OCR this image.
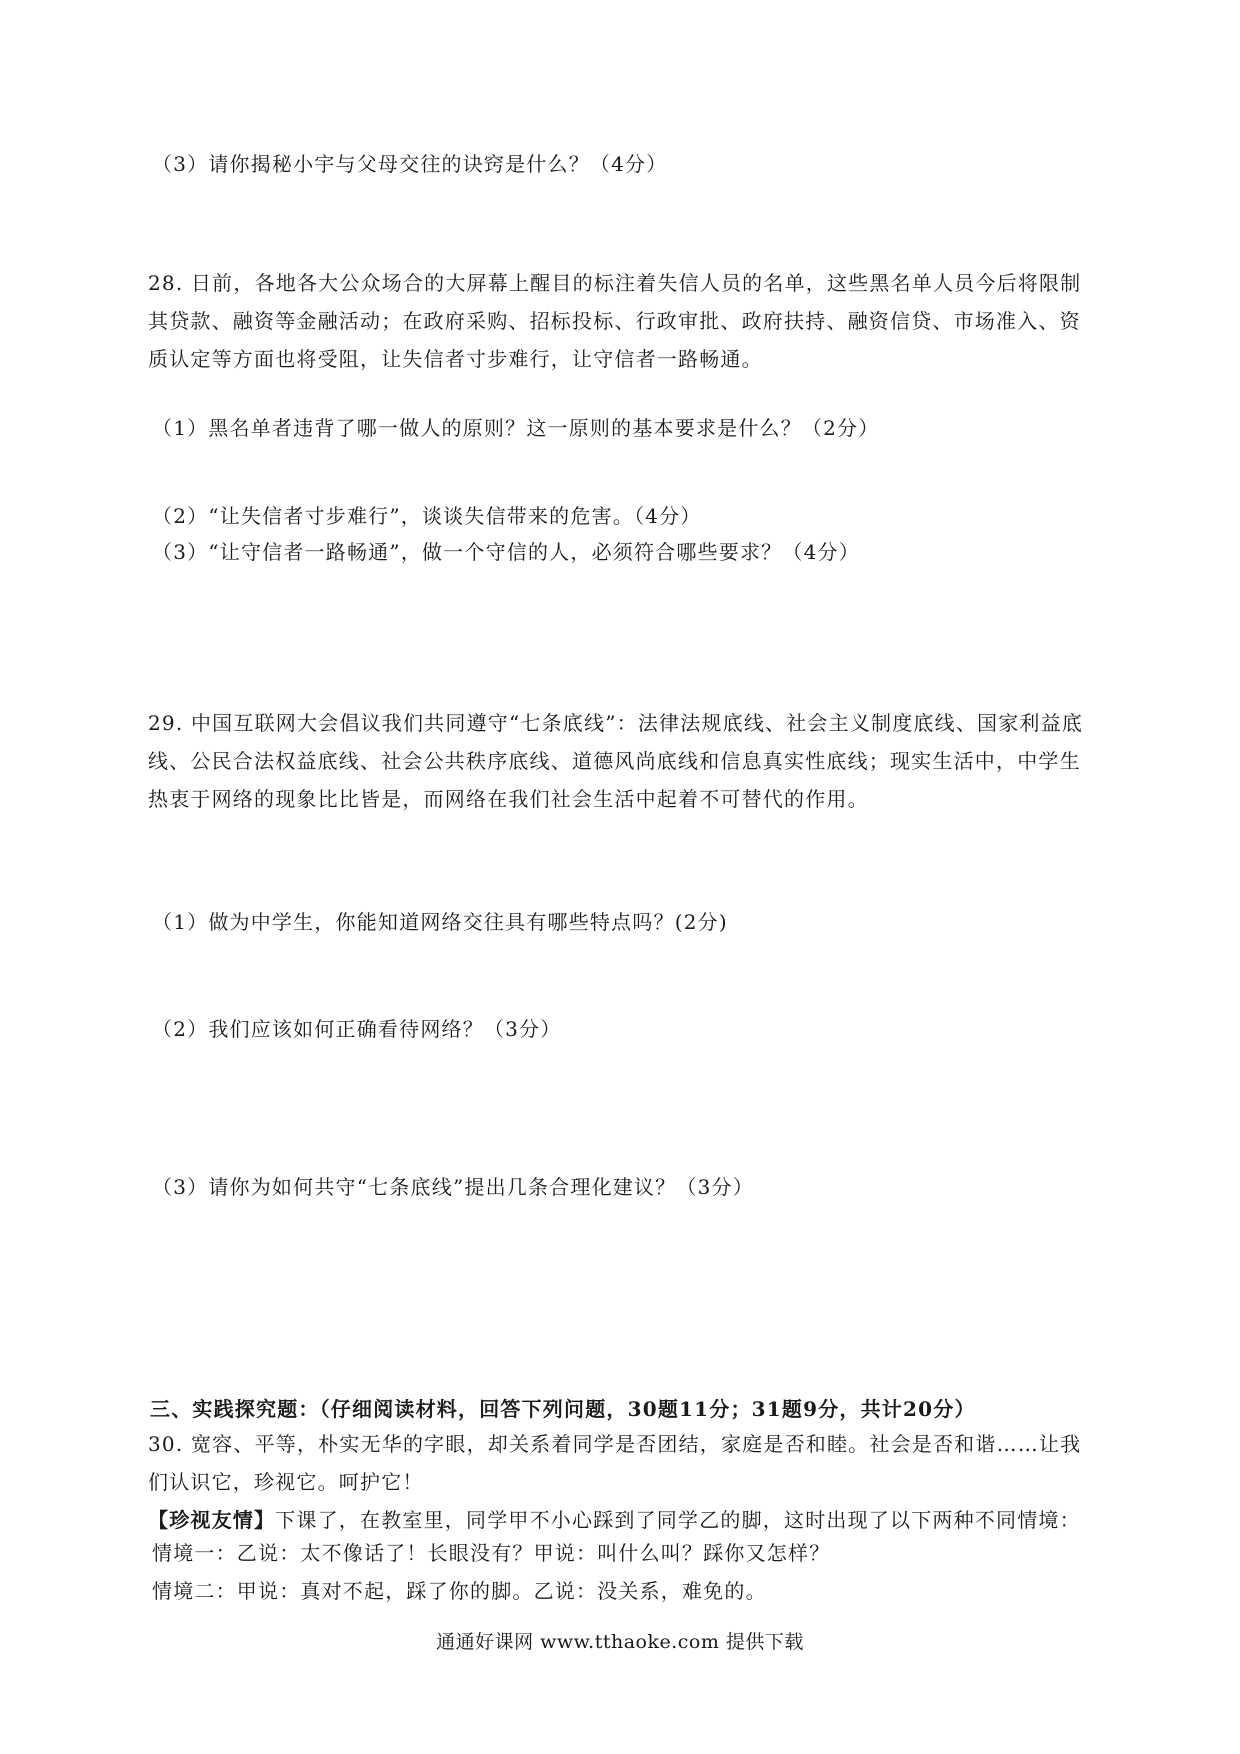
（3）请你揭秘小宇与父母交往的诀窍是什么？（4分）

28. 日前，各地各大公众场合的大屏幕上醒目的标注着失信人员的名单，这些黑名单人员今后将限制其贷款、融资等金融活动；在政府采购、招标投标、行政审批、政府扶持、融资信贷、市场准入、资质认定等方面也将受阻，让失信者寸步难行，让守信者一路畅通。

（1）黑名单者违背了哪一做人的原则？这一原则的基本要求是什么？（2分）

（2）“让失信者寸步难行”，谈谈失信带来的危害。（4分）

（3）“让守信者一路畅通”，做一个守信的人，必须符合哪些要求？（4分）

29. 中国互联网大会倡议我们共同遵守“七条底线”：法律法规底线、社会主义制度底线、国家利益底线、公民合法权益底线、社会公共秩序底线、道德风尚底线和信息真实性底线；现实生活中，中学生热衷于网络的现象比比皆是，而网络在我们社会生活中起着不可替代的作用。

（1）做为中学生，你能知道网络交往具有哪些特点吗？(2分)

（2）我们应该如何正确看待网络？（3分）

（3）请你为如何共守“七条底线”提出几条合理化建议？（3分）

三、实践探究题：（仔细阅读材料，回答下列问题，30题11分；31题9分，共计20分）

30. 宽容、平等，朴实无华的字眼，却关系着同学是否团结，家庭是否和睦。社会是否和谐……让我们认识它，珍视它。呵护它！

【珍视友情】下课了，在教室里，同学甲不小心踩到了同学乙的脚，这时出现了以下两种不同情境：

情境一：乙说：太不像话了！长眼没有？甲说：叫什么叫？踩你又怎样？

情境二：甲说：真对不起，踩了你的脚。乙说：没关系，难免的。

通通好课网 www.tthaoke.com 提供下载
